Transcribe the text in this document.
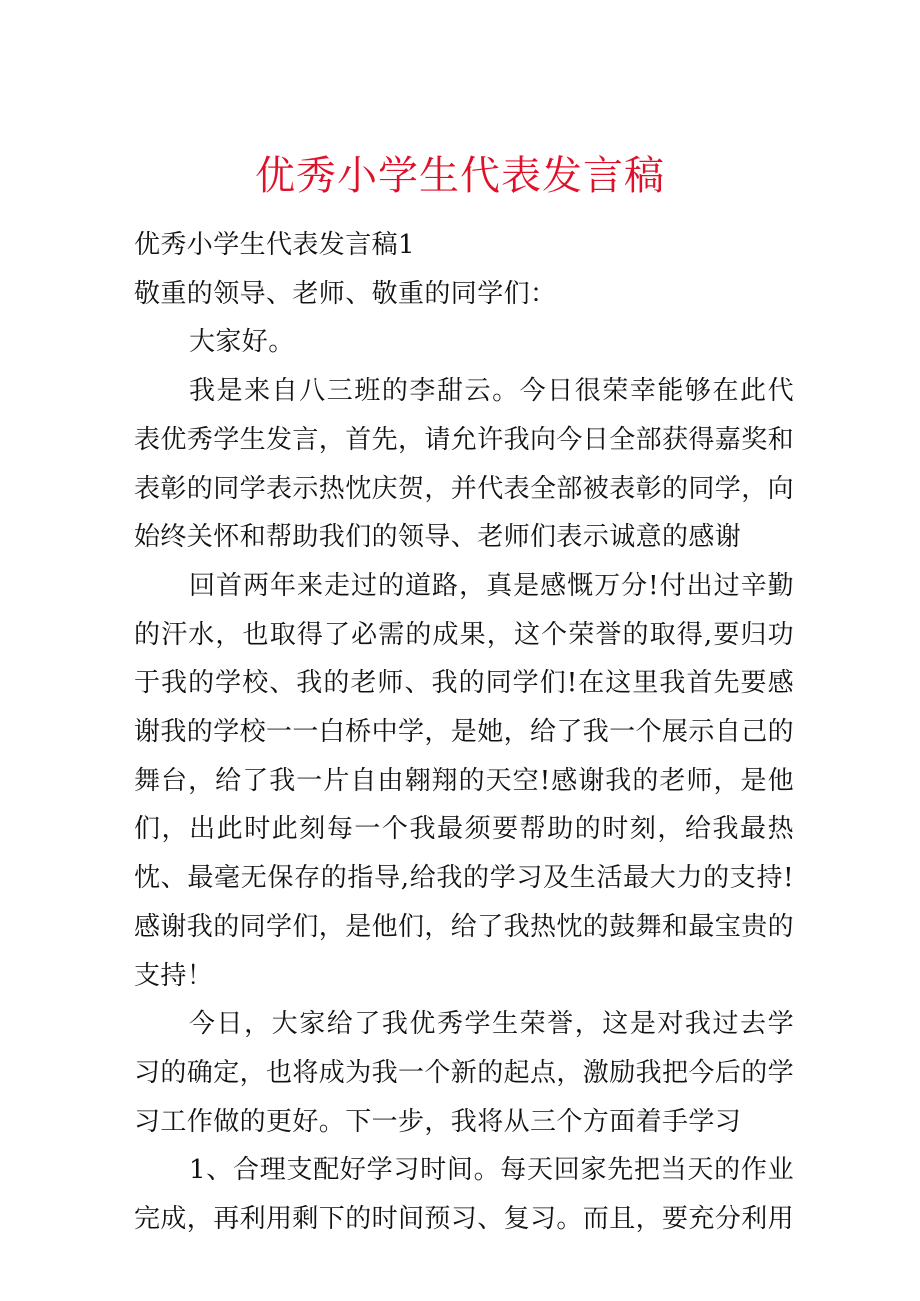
优秀小学生代表发言稿

优秀小学生代表发言稿1

敬重的领导、老师、敬重的同学们：

大家好。

我是来自八三班的李甜云。今日很荣幸能够在此代表优秀学生发言，首先，请允许我向今日全部获得嘉奖和表彰的同学表示热忱庆贺，并代表全部被表彰的同学，向始终关怀和帮助我们的领导、老师们表示诚意的感谢

回首两年来走过的道路，真是感慨万分!付出过辛勤的汗水，也取得了必需的成果，这个荣誉的取得,要归功于我的学校、我的老师、我的同学们!在这里我首先要感谢我的学校一一白桥中学，是她，给了我一个展示自己的舞台，给了我一片自由翱翔的天空!感谢我的老师，是他们，出此时此刻每一个我最须要帮助的时刻，给我最热忱、最毫无保存的指导,给我的学习及生活最大力的支持!感谢我的同学们，是他们，给了我热忱的鼓舞和最宝贵的支持！

今日，大家给了我优秀学生荣誉，这是对我过去学习的确定，也将成为我一个新的起点，激励我把今后的学习工作做的更好。下一步，我将从三个方面着手学习

1、合理支配好学习时间。每天回家先把当天的作业完成，再利用剩下的时间预习、复习。而且，要充分利用
